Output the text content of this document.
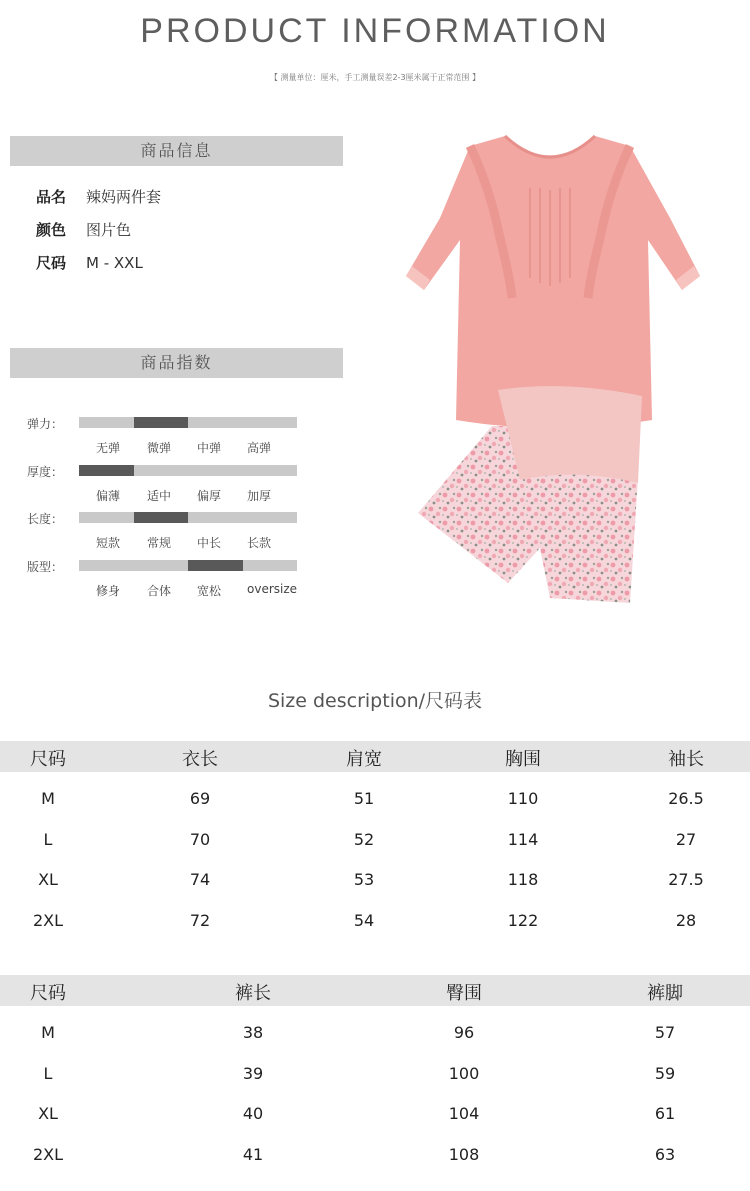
PRODUCT INFORMATION
【 测量单位：厘米，手工测量误差2-3厘米属于正常范围 】
商品信息
品名 辣妈两件套
颜色 图片色
尺码 M - XXL
商品指数
弹力：
无弹 微弹 中弹 高弹
厚度：
偏薄 适中 偏厚 加厚
长度：
短款 常规 中长 长款
版型：
修身 合体 宽松 oversize
Size description/尺码表
尺码	衣长	肩宽	胸围	袖长
M	69	51	110	26.5
L	70	52	114	27
XL	74	53	118	27.5
2XL	72	54	122	28
尺码	裤长	臀围	裤脚
M	38	96	57
L	39	100	59
XL	40	104	61
2XL	41	108	63
